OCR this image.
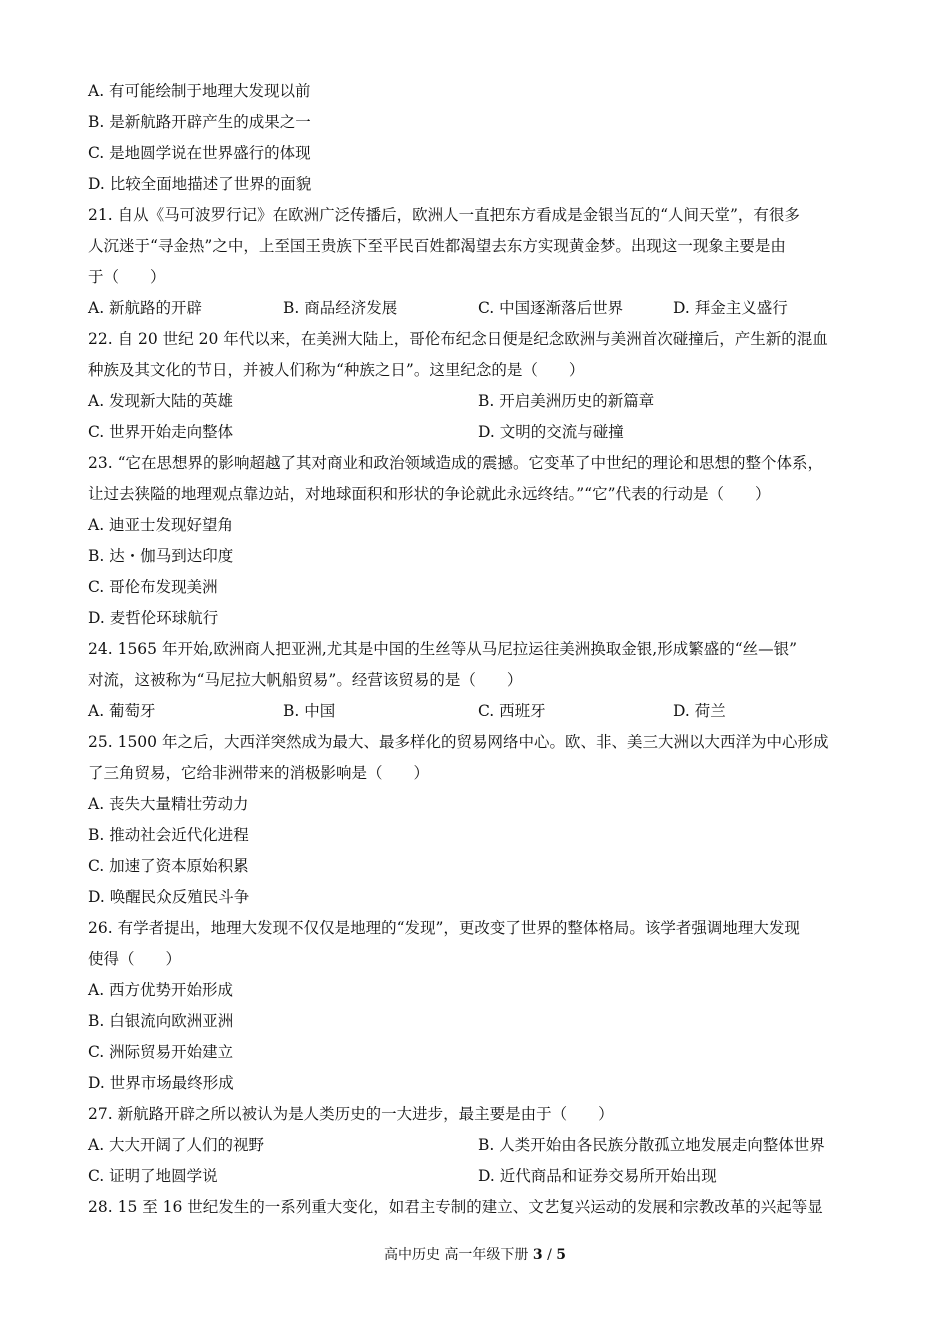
A. 有可能绘制于地理大发现以前
B. 是新航路开辟产生的成果之一
C. 是地圆学说在世界盛行的体现
D. 比较全面地描述了世界的面貌
21. 自从《马可波罗行记》在欧洲广泛传播后，欧洲人一直把东方看成是金银当瓦的“人间天堂”，有很多
人沉迷于“寻金热”之中，上至国王贵族下至平民百姓都渴望去东方实现黄金梦。出现这一现象主要是由
于（　　）
A. 新航路的开辟	B. 商品经济发展	C. 中国逐渐落后世界	D. 拜金主义盛行
22. 自 20 世纪 20 年代以来，在美洲大陆上，哥伦布纪念日便是纪念欧洲与美洲首次碰撞后，产生新的混血
种族及其文化的节日，并被人们称为“种族之日”。这里纪念的是（　　）
A. 发现新大陆的英雄	B. 开启美洲历史的新篇章
C. 世界开始走向整体	D. 文明的交流与碰撞
23. “它在思想界的影响超越了其对商业和政治领域造成的震撼。它变革了中世纪的理论和思想的整个体系，
让过去狭隘的地理观点靠边站，对地球面积和形状的争论就此永远终结。”“它”代表的行动是（　　）
A. 迪亚士发现好望角
B. 达・伽马到达印度
C. 哥伦布发现美洲
D. 麦哲伦环球航行
24. 1565 年开始,欧洲商人把亚洲,尤其是中国的生丝等从马尼拉运往美洲换取金银,形成繁盛的“丝—银”
对流，这被称为“马尼拉大帆船贸易”。经营该贸易的是（　　）
A. 葡萄牙	B. 中国	C. 西班牙	D. 荷兰
25. 1500 年之后，大西洋突然成为最大、最多样化的贸易网络中心。欧、非、美三大洲以大西洋为中心形成
了三角贸易，它给非洲带来的消极影响是（　　）
A. 丧失大量精壮劳动力
B. 推动社会近代化进程
C. 加速了资本原始积累
D. 唤醒民众反殖民斗争
26. 有学者提出，地理大发现不仅仅是地理的“发现”，更改变了世界的整体格局。该学者强调地理大发现
使得（　　）
A. 西方优势开始形成
B. 白银流向欧洲亚洲
C. 洲际贸易开始建立
D. 世界市场最终形成
27. 新航路开辟之所以被认为是人类历史的一大进步，最主要是由于（　　）
A. 大大开阔了人们的视野	B. 人类开始由各民族分散孤立地发展走向整体世界
C. 证明了地圆学说	D. 近代商品和证券交易所开始出现
28. 15 至 16 世纪发生的一系列重大变化，如君主专制的建立、文艺复兴运动的发展和宗教改革的兴起等显
高中历史 高一年级下册 3 / 5
